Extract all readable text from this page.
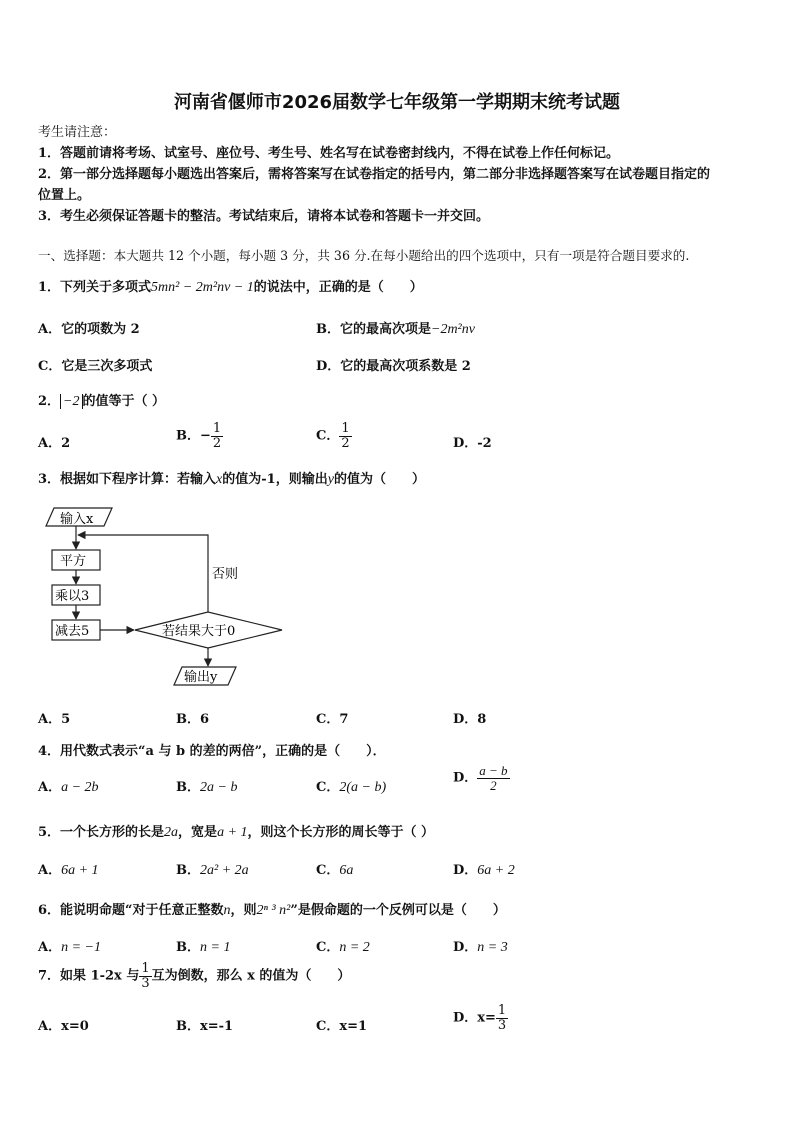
河南省偃师市2026届数学七年级第一学期期末统考试题
考生请注意：
1．答题前请将考场、试室号、座位号、考生号、姓名写在试卷密封线内，不得在试卷上作任何标记。
2．第一部分选择题每小题选出答案后，需将答案写在试卷指定的括号内，第二部分非选择题答案写在试卷题目指定的
位置上。
3．考生必须保证答题卡的整洁。考试结束后，请将本试卷和答题卡一并交回。
一、选择题：本大题共 12 个小题，每小题 3 分，共 36 分.在每小题给出的四个选项中，只有一项是符合题目要求的.
1．下列关于多项式5mn² − 2m²nv − 1的说法中，正确的是（　　）
A．它的项数为 2	B．它的最高次项是−2m²nv
C．它是三次多项式	D．它的最高次项系数是 2
2． −2 的值等于（ ）
A．2	B．− $\frac{1}{2}$	C． $\frac{1}{2}$	D．-2
3．根据如下程序计算：若输入x的值为-1，则输出y的值为（　　）
输入x
平方
乘以3
减去5	若结果大于0
否则
输出y
A．5	B．6	C．7	D．8
4．用代数式表示“a 与 b 的差的两倍”，正确的是（　　）．
A．a − 2b	B．2a − b	C．2(a − b)
D． $\frac{a - b}{2}$
5．一个长方形的长是2a，宽是a + 1，则这个长方形的周长等于（ ）
A．6a + 1	B．2a² + 2a	C．6a	D．6a + 2
6．能说明命题“对于任意正整数n，则2ⁿ ³ n²”是假命题的一个反例可以是（　　）
A．n = −1	B．n = 1	C．n = 2	D．n = 3
7．如果 1-2x 与 $\frac{1}{3}$ 互为倒数，那么 x 的值为（　　）
A．x=0	B．x=-1	C．x=1
D．$x= \frac{1}{3}$
